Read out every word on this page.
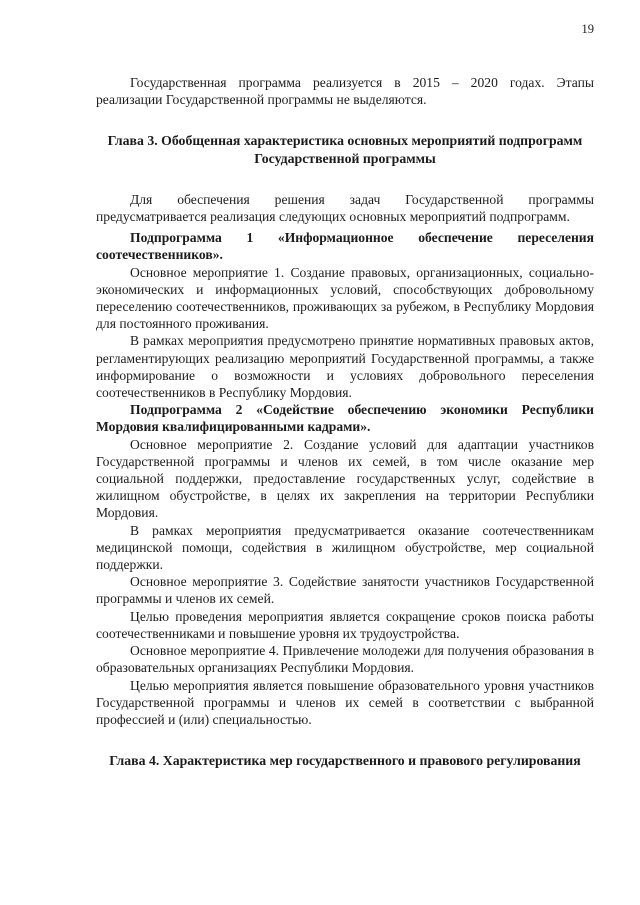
19

Государственная программа реализуется в 2015 – 2020 годах. Этапы реализации Государственной программы не выделяются.

Глава 3. Обобщенная характеристика основных мероприятий подпрограмм Государственной программы

Для обеспечения решения задач Государственной программы предусматривается реализация следующих основных мероприятий подпрограмм.

Подпрограмма 1 «Информационное обеспечение переселения соотечественников».

Основное мероприятие 1. Создание правовых, организационных, социально-экономических и информационных условий, способствующих добровольному переселению соотечественников, проживающих за рубежом, в Республику Мордовия для постоянного проживания.

В рамках мероприятия предусмотрено принятие нормативных правовых актов, регламентирующих реализацию мероприятий Государственной программы, а также информирование о возможности и условиях добровольного переселения соотечественников в Республику Мордовия.

Подпрограмма 2 «Содействие обеспечению экономики Республики Мордовия квалифицированными кадрами».

Основное мероприятие 2. Создание условий для адаптации участников Государственной программы и членов их семей, в том числе оказание мер социальной поддержки, предоставление государственных услуг, содействие в жилищном обустройстве, в целях их закрепления на территории Республики Мордовия.

В рамках мероприятия предусматривается оказание соотечественникам медицинской помощи, содействия в жилищном обустройстве, мер социальной поддержки.

Основное мероприятие 3. Содействие занятости участников Государственной программы и членов их семей.

Целью проведения мероприятия является сокращение сроков поиска работы соотечественниками и повышение уровня их трудоустройства.

Основное мероприятие 4. Привлечение молодежи для получения образования в образовательных организациях Республики Мордовия.

Целью мероприятия является повышение образовательного уровня участников Государственной программы и членов их семей в соответствии с выбранной профессией и (или) специальностью.

Глава 4. Характеристика мер государственного и правового регулирования
